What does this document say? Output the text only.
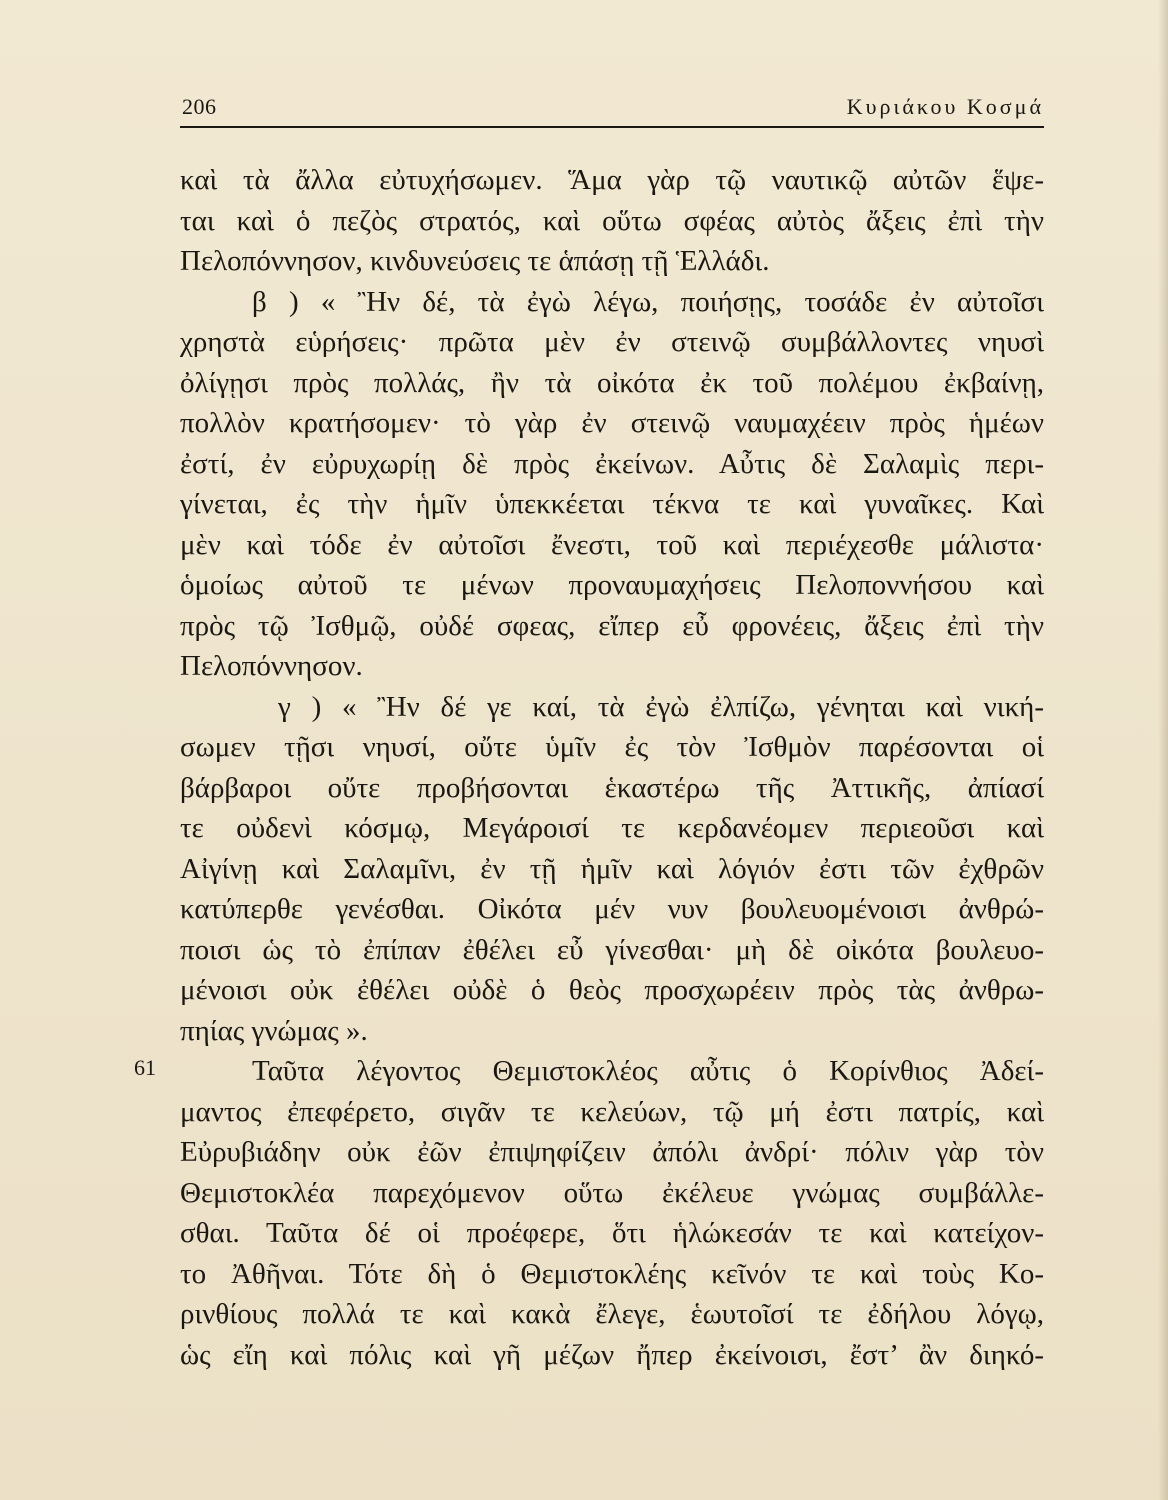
206	Κυριάκου Κοσμά
61
καὶ τὰ ἄλλα εὐτυχήσωμεν. Ἅμα γὰρ τῷ ναυτικῷ αὐτῶν ἕψε-
ται καὶ ὁ πεζὸς στρατός, καὶ οὕτω σφέας αὐτὸς ἄξεις ἐπὶ τὴν
Πελοπόννησον, κινδυνεύσεις τε ἁπάσῃ τῇ Ἑλλάδι.
β ) « Ἢν δέ, τὰ ἐγὼ λέγω, ποιήσῃς, τοσάδε ἐν αὐτοῖσι
χρηστὰ εὑρήσεις· πρῶτα μὲν ἐν στεινῷ συμβάλλοντες νηυσὶ
ὀλίγῃσι πρὸς πολλάς, ἢν τὰ οἰκότα ἐκ τοῦ πολέμου ἐκβαίνῃ,
πολλὸν κρατήσομεν· τὸ γὰρ ἐν στεινῷ ναυμαχέειν πρὸς ἡμέων
ἐστί, ἐν εὐρυχωρίῃ δὲ πρὸς ἐκείνων. Αὖτις δὲ Σαλαμὶς περι-
γίνεται, ἐς τὴν ἡμῖν ὑπεκκέεται τέκνα τε καὶ γυναῖκες. Καὶ
μὲν καὶ τόδε ἐν αὐτοῖσι ἔνεστι, τοῦ καὶ περιέχεσθε μάλιστα·
ὁμοίως αὐτοῦ τε μένων προναυμαχήσεις Πελοποννήσου καὶ
πρὸς τῷ Ἰσθμῷ, οὐδέ σφεας, εἴπερ εὖ φρονέεις, ἄξεις ἐπὶ τὴν
Πελοπόννησον.
γ ) « Ἢν δέ γε καί, τὰ ἐγὼ ἐλπίζω, γένηται καὶ νική-
σωμεν τῇσι νηυσί, οὔτε ὑμῖν ἐς τὸν Ἰσθμὸν παρέσονται οἱ
βάρβαροι οὔτε προβήσονται ἑκαστέρω τῆς Ἀττικῆς, ἀπίασί
τε οὐδενὶ κόσμῳ, Μεγάροισί τε κερδανέομεν περιεοῦσι καὶ
Αἰγίνῃ καὶ Σαλαμῖνι, ἐν τῇ ἡμῖν καὶ λόγιόν ἐστι τῶν ἐχθρῶν
κατύπερθε γενέσθαι. Οἰκότα μέν νυν βουλευομένοισι ἀνθρώ-
ποισι ὡς τὸ ἐπίπαν ἐθέλει εὖ γίνεσθαι· μὴ δὲ οἰκότα βουλευο-
μένοισι οὐκ ἐθέλει οὐδὲ ὁ θεὸς προσχωρέειν πρὸς τὰς ἀνθρω-
πηίας γνώμας ».
Ταῦτα λέγοντος Θεμιστοκλέος αὖτις ὁ Κορίνθιος Ἀδεί-
μαντος ἐπεφέρετο, σιγᾶν τε κελεύων, τῷ μή ἐστι πατρίς, καὶ
Εὐρυβιάδην οὐκ ἐῶν ἐπιψηφίζειν ἀπόλι ἀνδρί· πόλιν γὰρ τὸν
Θεμιστοκλέα παρεχόμενον οὕτω ἐκέλευε γνώμας συμβάλλε-
σθαι. Ταῦτα δέ οἱ προέφερε, ὅτι ἡλώκεσάν τε καὶ κατείχον-
το Ἀθῆναι. Τότε δὴ ὁ Θεμιστοκλέης κεῖνόν τε καὶ τοὺς Κο-
ρινθίους πολλά τε καὶ κακὰ ἔλεγε, ἑωυτοῖσί τε ἐδήλου λόγῳ,
ὡς εἴη καὶ πόλις καὶ γῆ μέζων ἤπερ ἐκείνοισι, ἔστ’ ἂν διηκό-
